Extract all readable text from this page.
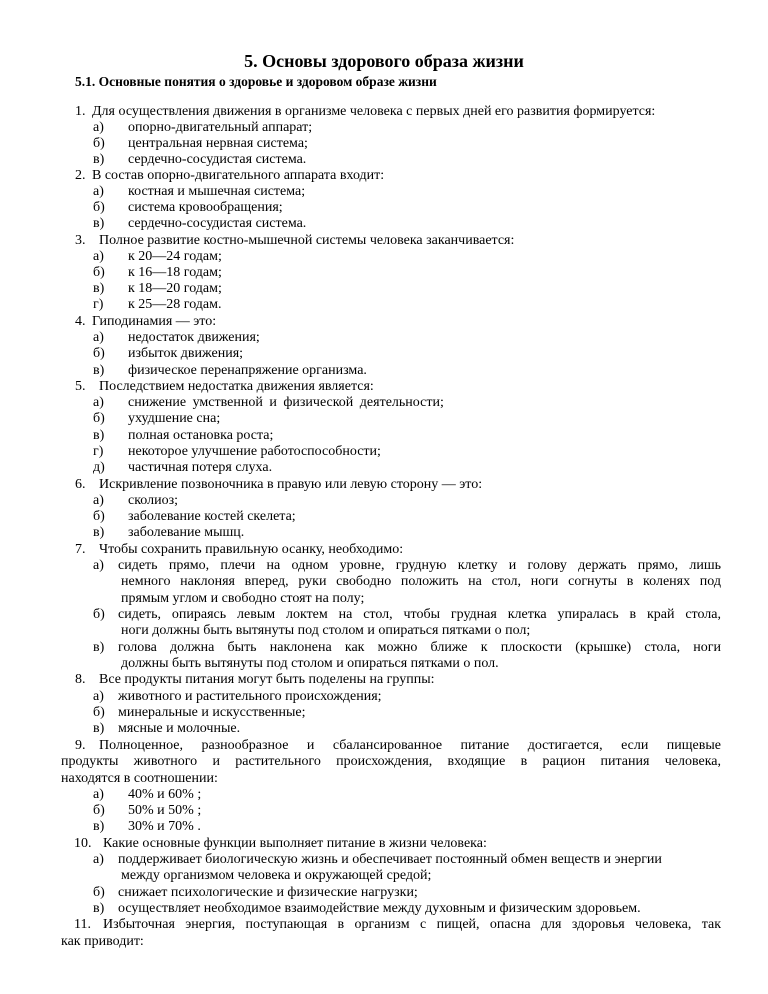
5. Основы здорового образа жизни

5.1. Основные понятия о здоровье и здоровом образе жизни

1. Для осуществления движения в организме человека с первых дней его развития формируется:
а) опорно-двигательный аппарат;
б) центральная нервная система;
в) сердечно-сосудистая система.
2. В состав опорно-двигательного аппарата входит:
а) костная и мышечная система;
б) система кровообращения;
в) сердечно-сосудистая система.
3. Полное развитие костно-мышечной системы человека заканчивается:
а) к 20—24 годам;
б) к 16—18 годам;
в) к 18—20 годам;
г) к 25—28 годам.
4. Гиподинамия — это:
а) недостаток движения;
б) избыток движения;
в) физическое перенапряжение организма.
5. Последствием недостатка движения является:
а) снижение умственной и физической деятельности;
б) ухудшение сна;
в) полная остановка роста;
г) некоторое улучшение работоспособности;
д) частичная потеря слуха.
6. Искривление позвоночника в правую или левую сторону — это:
а) сколиоз;
б) заболевание костей скелета;
в) заболевание мышц.
7. Чтобы сохранить правильную осанку, необходимо:
а) сидеть прямо, плечи на одном уровне, грудную клетку и голову держать прямо, лишь
немного наклоняя вперед, руки свободно положить на стол, ноги согнуты в коленях под
прямым углом и свободно стоят на полу;
б) сидеть, опираясь левым локтем на стол, чтобы грудная клетка упиралась в край стола,
ноги должны быть вытянуты под столом и опираться пятками о пол;
в) голова должна быть наклонена как можно ближе к плоскости (крышке) стола, ноги
должны быть вытянуты под столом и опираться пятками о пол.
8. Все продукты питания могут быть поделены на группы:
а) животного и растительного происхождения;
б) минеральные и искусственные;
в) мясные и молочные.
9. Полноценное, разнообразное и сбалансированное питание достигается, если пищевые
продукты животного и растительного происхождения, входящие в рацион питания человека,
находятся в соотношении:
а) 40% и 60% ;
б) 50% и 50% ;
в) 30% и 70% .
10. Какие основные функции выполняет питание в жизни человека:
а) поддерживает биологическую жизнь и обеспечивает постоянный обмен веществ и энергии
между организмом человека и окружающей средой;
б) снижает психологические и физические нагрузки;
в) осуществляет необходимое взаимодействие между духовным и физическим здоровьем.
11. Избыточная энергия, поступающая в организм с пищей, опасна для здоровья человека, так
как приводит:
